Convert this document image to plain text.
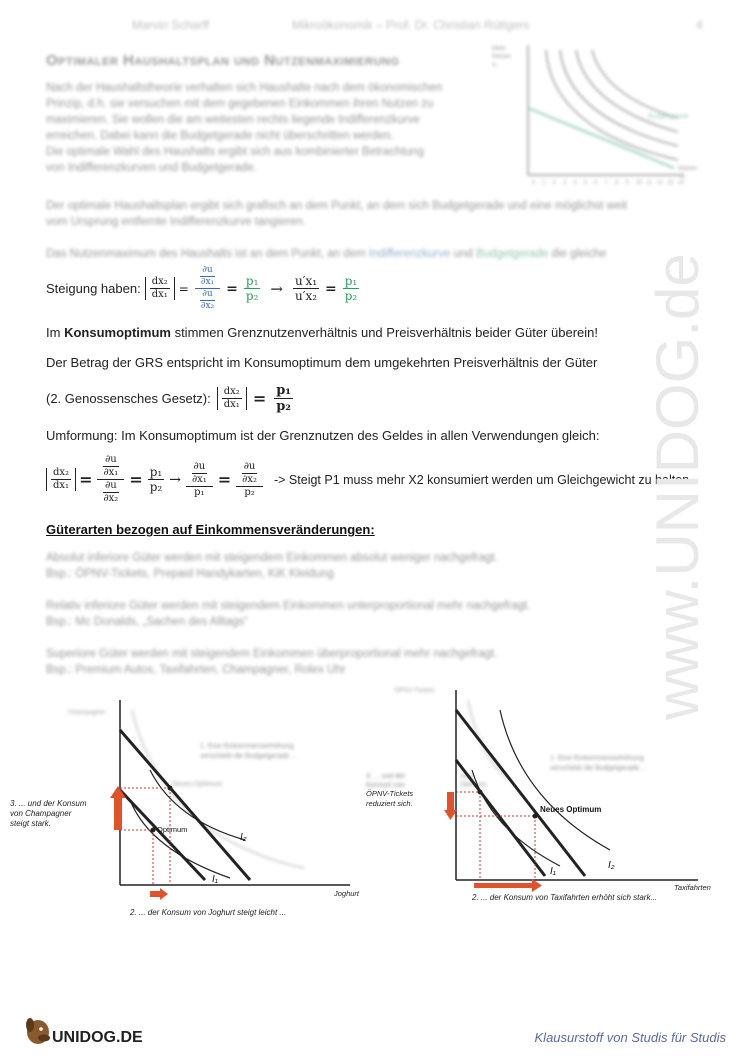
Marvin Scharff	Mikroökonomik – Prof. Dr. Christian Rüttgers	4
Optimaler Haushaltsplan und Nutzenmaximierung
Nach der Haushaltstheorie verhalten sich Haushalte nach dem ökonomischen
Prinzip, d.h. sie versuchen mit dem gegebenen Einkommen ihren Nutzen zu
maximieren. Sie wollen die am weitesten rechts liegende Indifferenzkurve
erreichen. Dabei kann die Budgetgerade nicht überschritten werden.
Die optimale Wahl des Haushalts ergibt sich aus kombinierter Betrachtung
von Indifferenzkurven und Budgetgerade.
Mehr
Nutzen
x₂
Budgetgerade
Nutzen
x₁
0 1 2 3 4 5 6 7 8 9 10 11 12 13 14
Der optimale Haushaltsplan ergibt sich grafisch an dem Punkt, an dem sich Budgetgerade und eine möglichst weit
vom Ursprung entfernte Indifferenzkurve tangieren.
Das Nutzenmaximum des Haushalts ist an dem Punkt, an dem Indifferenzkurve und Budgetgerade die gleiche
Steigung haben: $\frac{\text{dx₂}}{\text{dx₁}} = \frac{\frac{\partial u}{\text{∂x₁}}}{\frac{\partial u}{\text{∂x₂}}} = \frac{\text{p₁}}{\text{p₂}} \to \frac{\text{u′x₁}}{\text{u′x₂}} = \frac{\text{p₁}}{\text{p₂}}$
Im Konsumoptimum stimmen Grenznutzenverhältnis und Preisverhältnis beider Güter überein!
Der Betrag der GRS entspricht im Konsumoptimum dem umgekehrten Preisverhältnis der Güter
(2. Genossensches Gesetz): $\frac{\text{dx₂}}{\text{dx₁}} = \frac{\text{p₁}}{\text{p₂}}$
Umformung: Im Konsumoptimum ist der Grenznutzen des Geldes in allen Verwendungen gleich:
$\frac{\text{dx₂}}{\text{dx₁}} = \frac{\frac{\partial u}{\text{∂x₁}}}{\frac{\partial u}{\text{∂x₂}}} = \frac{\text{p₁}}{\text{p₂}} \to \frac{\frac{\partial u}{\text{∂x₁}}}{\text{p₁}} = \frac{\frac{\partial u}{\text{∂x₂}}}{\text{p₂}}$ -> Steigt P1 muss mehr X2 konsumiert werden um Gleichgewicht zu halten
Güterarten bezogen auf Einkommensveränderungen:
Absolut inferiore Güter werden mit steigendem Einkommen absolut weniger nachgefragt.
Bsp.: ÖPNV-Tickets, Prepaid Handykarten, KiK Kleidung
Relativ inferiore Güter werden mit steigendem Einkommen unterproportional mehr nachgefragt.
Bsp.: Mc Donalds, „Sachen des Alltags“
Superiore Güter werden mit steigendem Einkommen überproportional mehr nachgefragt.
Bsp.: Premium Autos, Taxifahrten, Champagner, Rolex Uhr	www.UNIDOG.de
Champagner
1. Eine Einkommenserhöhung
verschiebt die Budgetgerade ...
Neues Optimum
Optimum
I₂
I₁
3. ... und der Konsum
von Champagner
steigt stark.
Joghurt
2. ... der Konsum von Joghurt steigt leicht ...
ÖPNV-Tickets
1. Eine Einkommenserhöhung
verschiebt die Budgetgerade ...
Altes
Optimum
3. ... und der
Konsum von
ÖPNV-Tickets
reduziert sich.
Neues Optimum
I₁
I₂
Taxifahrten
2. ... der Konsum von Taxifahrten erhöht sich stark...
UNIDOG.DE	Klausurstoff von Studis für Studis
